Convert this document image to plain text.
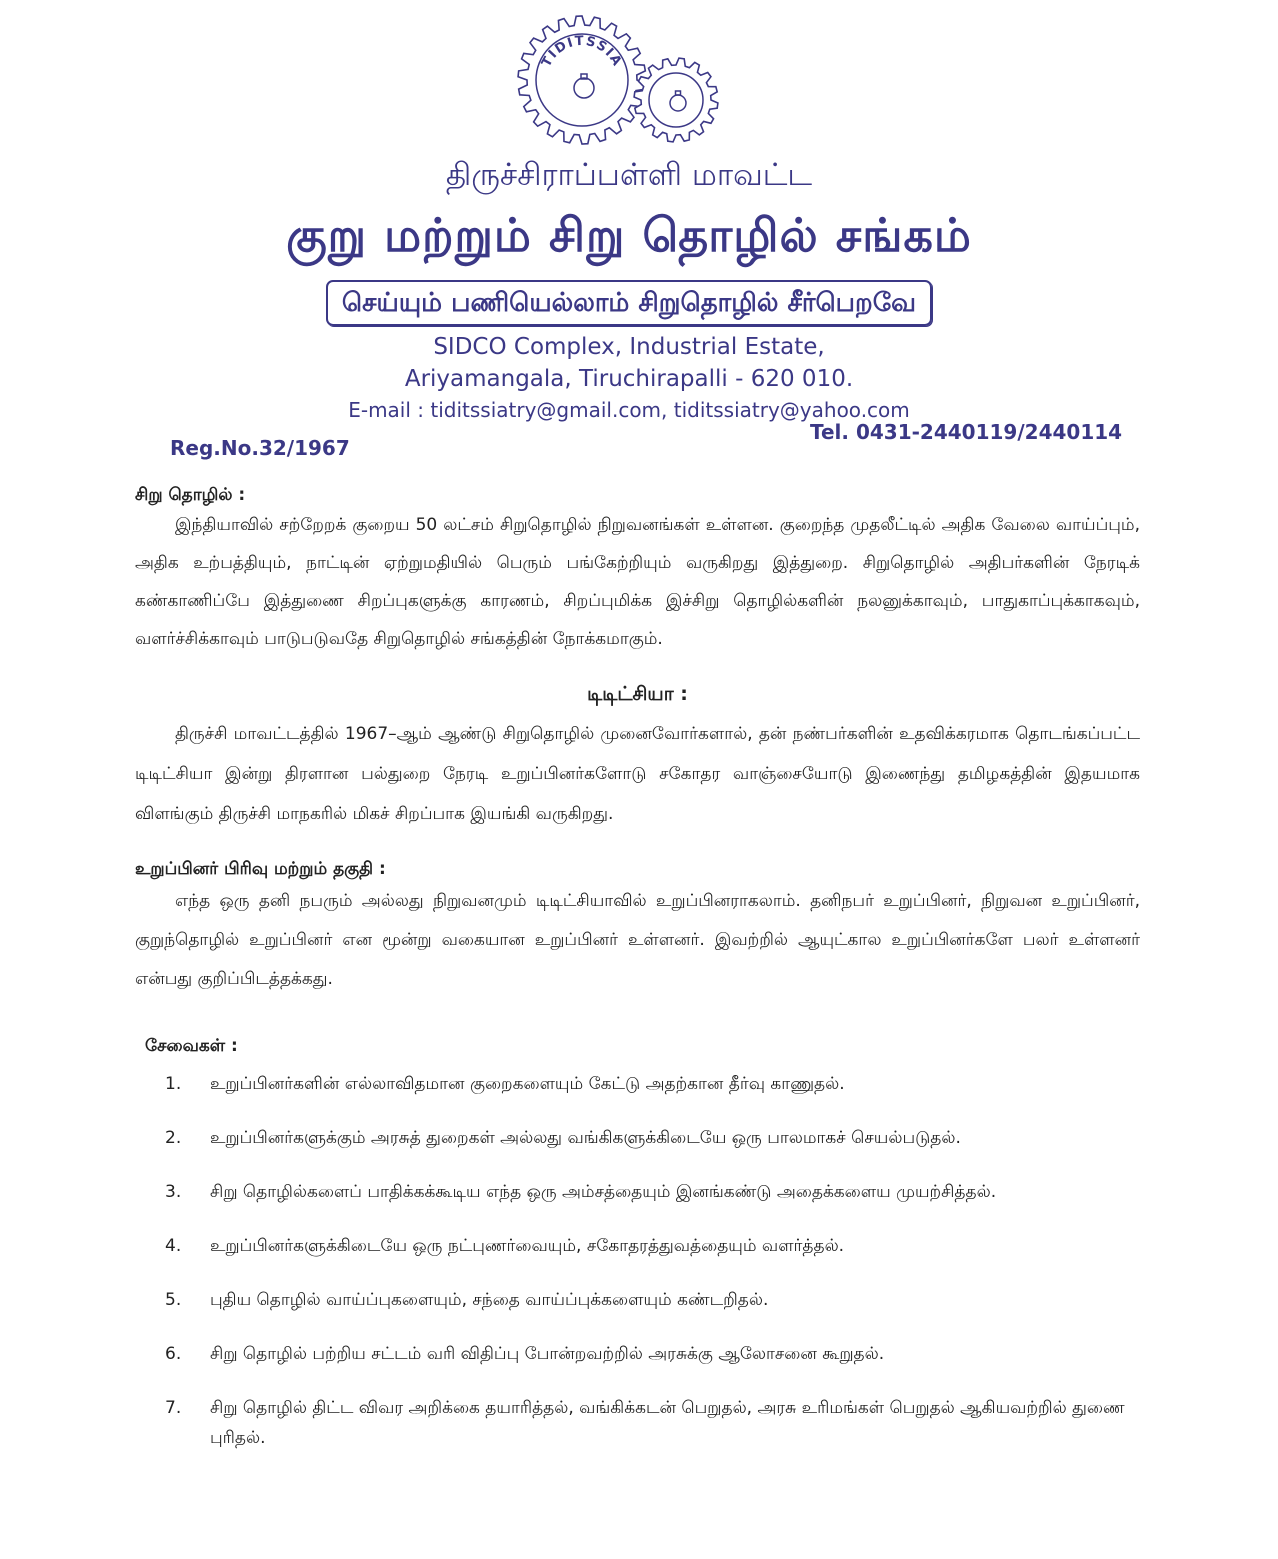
TIDITSSIA
திருச்சிராப்பள்ளி மாவட்ட
குறு மற்றும் சிறு தொழில் சங்கம்
செய்யும் பணியெல்லாம் சிறுதொழில் சீர்பெறவே
SIDCO Complex, Industrial Estate,
Ariyamangala, Tiruchirapalli - 620 010.
E-mail : tiditssiatry@gmail.com, tiditssiatry@yahoo.com
Reg.No.32/1967
Tel. 0431-2440119/2440114
சிறு தொழில் :

இந்தியாவில் சற்றேறக் குறைய 50 லட்சம் சிறுதொழில் நிறுவனங்கள் உள்ளன. குறைந்த முதலீட்டில் அதிக வேலை வாய்ப்பும், அதிக உற்பத்தியும், நாட்டின் ஏற்றுமதியில் பெரும் பங்கேற்றியும் வருகிறது இத்துறை. சிறுதொழில் அதிபர்களின் நேரடிக் கண்காணிப்பே இத்துணை சிறப்புகளுக்கு காரணம், சிறப்புமிக்க இச்சிறு தொழில்களின் நலனுக்காவும், பாதுகாப்புக்காகவும், வளர்ச்சிக்காவும் பாடுபடுவதே சிறுதொழில் சங்கத்தின் நோக்கமாகும்.

டிடிட்சியா :

திருச்சி மாவட்டத்தில் 1967–ஆம் ஆண்டு சிறுதொழில் முனைவோர்களால், தன் நண்பர்களின் உதவிக்கரமாக தொடங்கப்பட்ட டிடிட்சியா இன்று திரளான பல்துறை நேரடி உறுப்பினர்களோடு சகோதர வாஞ்சையோடு இணைந்து தமிழகத்தின் இதயமாக விளங்கும் திருச்சி மாநகரில் மிகச் சிறப்பாக இயங்கி வருகிறது.

உறுப்பினர் பிரிவு மற்றும் தகுதி :

எந்த ஒரு தனி நபரும் அல்லது நிறுவனமும் டிடிட்சியாவில் உறுப்பினராகலாம். தனிநபர் உறுப்பினர், நிறுவன உறுப்பினர், குறுந்தொழில் உறுப்பினர் என மூன்று வகையான உறுப்பினர் உள்ளனர். இவற்றில் ஆயுட்கால உறுப்பினர்களே பலர் உள்ளனர் என்பது குறிப்பிடத்தக்கது.

சேவைகள் :
1.	உறுப்பினர்களின் எல்லாவிதமான குறைகளையும் கேட்டு அதற்கான தீர்வு காணுதல்.
2.	உறுப்பினர்களுக்கும் அரசுத் துறைகள் அல்லது வங்கிகளுக்கிடையே ஒரு பாலமாகச் செயல்படுதல்.
3.	சிறு தொழில்களைப் பாதிக்கக்கூடிய எந்த ஒரு அம்சத்தையும் இனங்கண்டு அதைக்களைய முயற்சித்தல்.
4.	உறுப்பினர்களுக்கிடையே ஒரு நட்புணர்வையும், சகோதரத்துவத்தையும் வளர்த்தல்.
5.	புதிய தொழில் வாய்ப்புகளையும், சந்தை வாய்ப்புக்களையும் கண்டறிதல்.
6.	சிறு தொழில் பற்றிய சட்டம் வரி விதிப்பு போன்றவற்றில் அரசுக்கு ஆலோசனை கூறுதல்.
7.	சிறு தொழில் திட்ட விவர அறிக்கை தயாரித்தல், வங்கிக்கடன் பெறுதல், அரசு உரிமங்கள் பெறுதல் ஆகியவற்றில் துணை புரிதல்.
